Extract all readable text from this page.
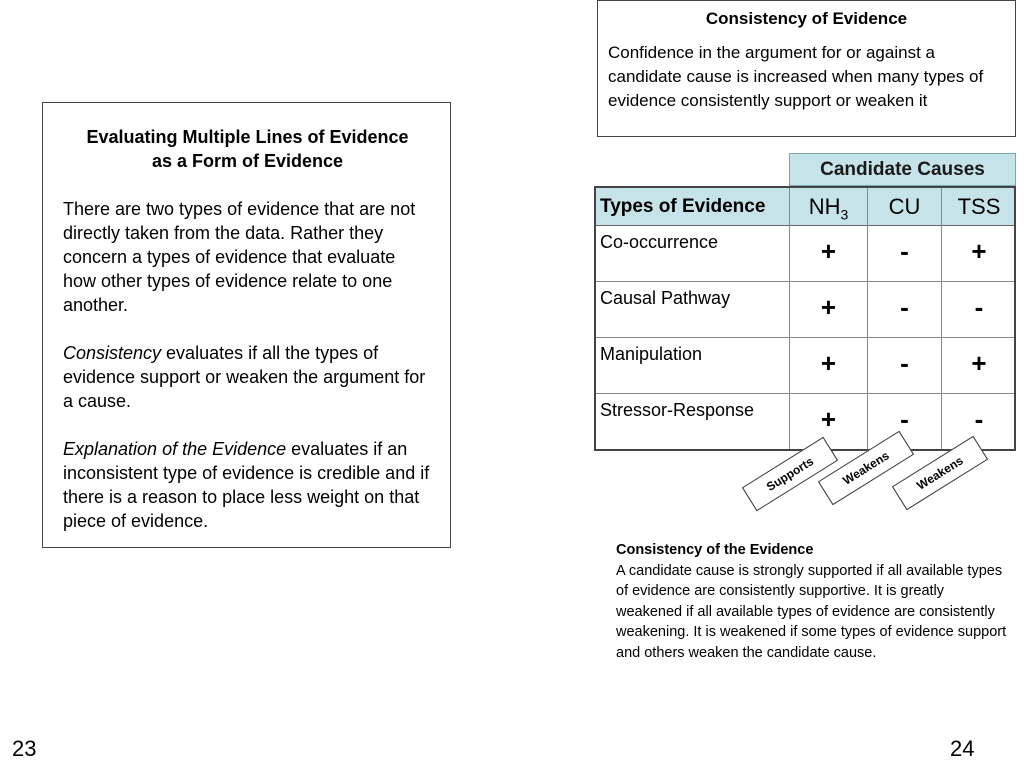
Evaluating Multiple Lines of Evidence
as a Form of Evidence

There are two types of evidence that are not directly taken from the data. Rather they concern a types of evidence that evaluate how other types of evidence relate to one another.

Consistency evaluates if all the types of evidence support or weaken the argument for a cause.

Explanation of the Evidence evaluates if an inconsistent type of evidence is credible and if there is a reason to place less weight on that piece of evidence.

Consistency of Evidence
Confidence in the argument for or against a candidate cause is increased when many types of evidence consistently support or weaken it
Candidate Causes
Types of Evidence	$NH_3$	CU	TSS
Co-occurrence	+	-	+
Causal Pathway	+	-	-
Manipulation	+	-	+
Stressor-Response	+	-	-
Supports	Weakens	Weakens
Consistency of the Evidence
A candidate cause is strongly supported if all available types of evidence are consistently supportive. It is greatly weakened if all available types of evidence are consistently weakening. It is weakened if some types of evidence support and others weaken the candidate cause.
23	24
